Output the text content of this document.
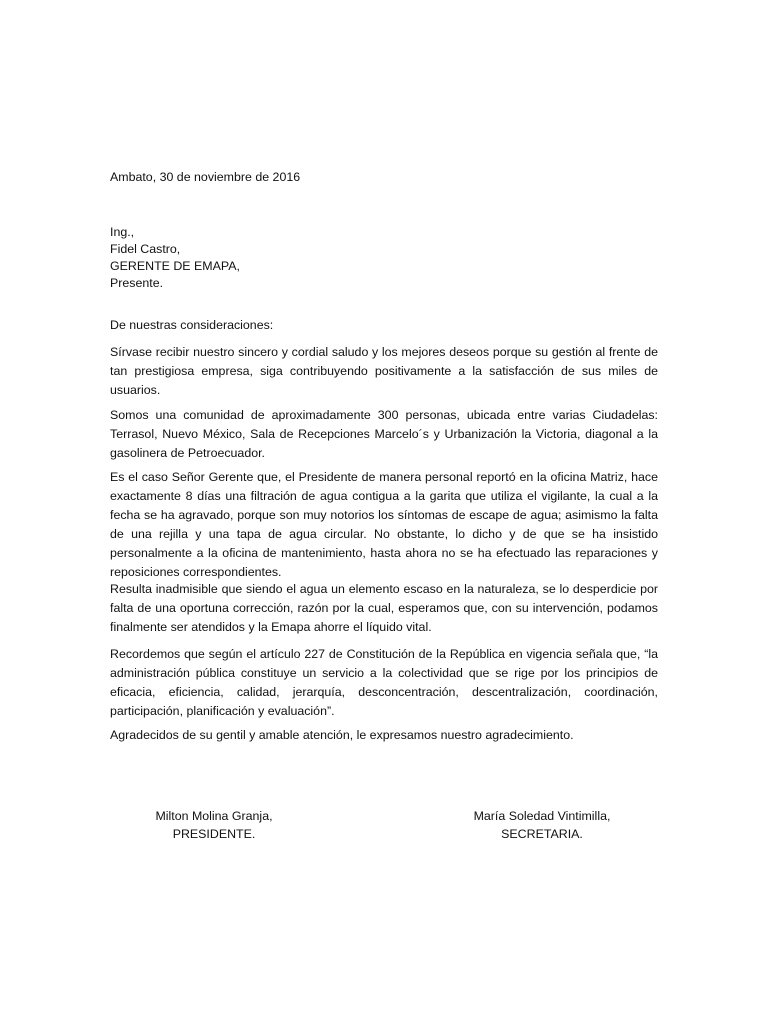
Ambato, 30 de noviembre de 2016
Ing.,
Fidel Castro,
GERENTE DE EMAPA,
Presente.
De nuestras consideraciones:

Sírvase recibir nuestro sincero y cordial saludo y los mejores deseos porque su gestión al frente de tan prestigiosa empresa, siga contribuyendo positivamente a la satisfacción de sus miles de usuarios.

Somos una comunidad de aproximadamente 300 personas, ubicada entre varias Ciudadelas: Terrasol, Nuevo México, Sala de Recepciones Marcelo´s y Urbanización la Victoria, diagonal a la gasolinera de Petroecuador.

Es el caso Señor Gerente que, el Presidente de manera personal reportó en la oficina Matriz, hace exactamente 8 días una filtración de agua contigua a la garita que utiliza el vigilante, la cual a la fecha se ha agravado, porque son muy notorios los síntomas de escape de agua; asimismo la falta de una rejilla y una tapa de agua circular. No obstante, lo dicho y de que se ha insistido personalmente a la oficina de mantenimiento, hasta ahora no se ha efectuado las reparaciones y reposiciones correspondientes.

Resulta inadmisible que siendo el agua un elemento escaso en la naturaleza, se lo desperdicie por falta de una oportuna corrección, razón por la cual, esperamos que, con su intervención, podamos finalmente ser atendidos y la Emapa ahorre el líquido vital.

Recordemos que según el artículo 227 de Constitución de la República en vigencia señala que, “la administración pública constituye un servicio a la colectividad que se rige por los principios de eficacia, eficiencia, calidad, jerarquía, desconcentración, descentralización, coordinación, participación, planificación y evaluación”.

Agradecidos de su gentil y amable atención, le expresamos nuestro agradecimiento.

Milton Molina Granja,
PRESIDENTE.
María Soledad Vintimilla,
SECRETARIA.
